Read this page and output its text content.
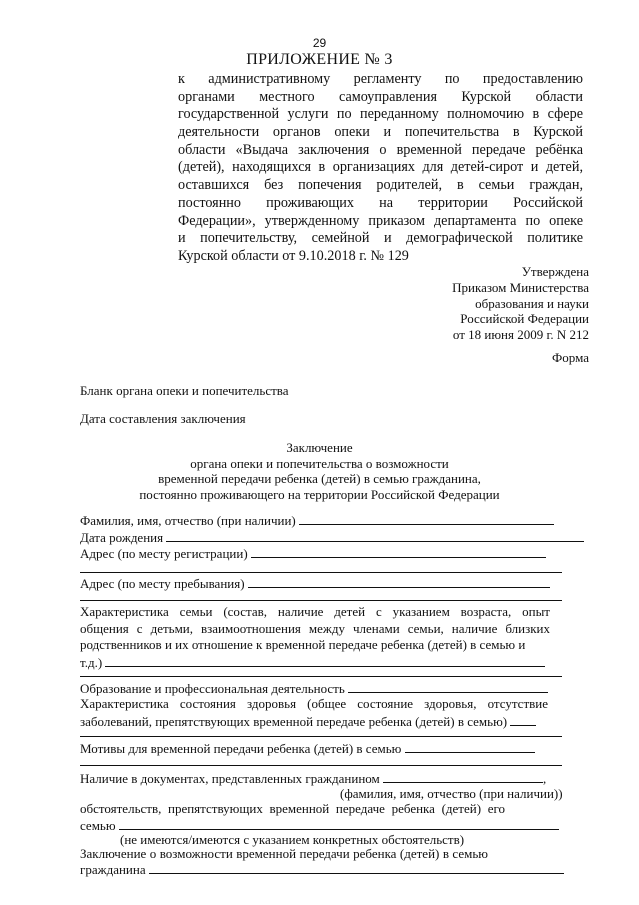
29
ПРИЛОЖЕНИЕ № 3
к административному регламенту по предоставлению
органами местного самоуправления Курской области
государственной услуги по переданному полномочию в сфере
деятельности органов опеки и попечительства в Курской
области «Выдача заключения о временной передаче ребёнка
(детей), находящихся в организациях для детей-сирот и детей,
оставшихся без попечения родителей, в семьи граждан,
постоянно проживающих на территории Российской
Федерации», утвержденному приказом департамента по опеке
и попечительству, семейной и демографической политике
Курской области от 9.10.2018 г. № 129
Утверждена
Приказом Министерства
образования и науки
Российской Федерации
от 18 июня 2009 г. N 212
Форма
Бланк органа опеки и попечительства
Дата составления заключения
Заключение
органа опеки и попечительства о возможности
временной передачи ребенка (детей) в семью гражданина,
постоянно проживающего на территории Российской Федерации
Фамилия, имя, отчество (при наличии)
Дата рождения
Адрес (по месту регистрации)
Адрес (по месту пребывания)
Характеристика семьи (состав, наличие детей с указанием возраста, опыт
общения с детьми, взаимоотношения между членами семьи, наличие близких
родственников и их отношение к временной передаче ребенка (детей) в семью и
т.д.)
Образование и профессиональная деятельность
Характеристика состояния здоровья (общее состояние здоровья, отсутствие
заболеваний, препятствующих временной передаче ребенка (детей) в семью)
Мотивы для временной передачи ребенка (детей) в семью
Наличие в документах, представленных гражданином	,
(фамилия, имя, отчество (при наличии))
обстоятельств, препятствующих временной передаче ребенка (детей) его
семью
(не имеются/имеются с указанием конкретных обстоятельств)
Заключение о возможности временной передачи ребенка (детей) в семью
гражданина
